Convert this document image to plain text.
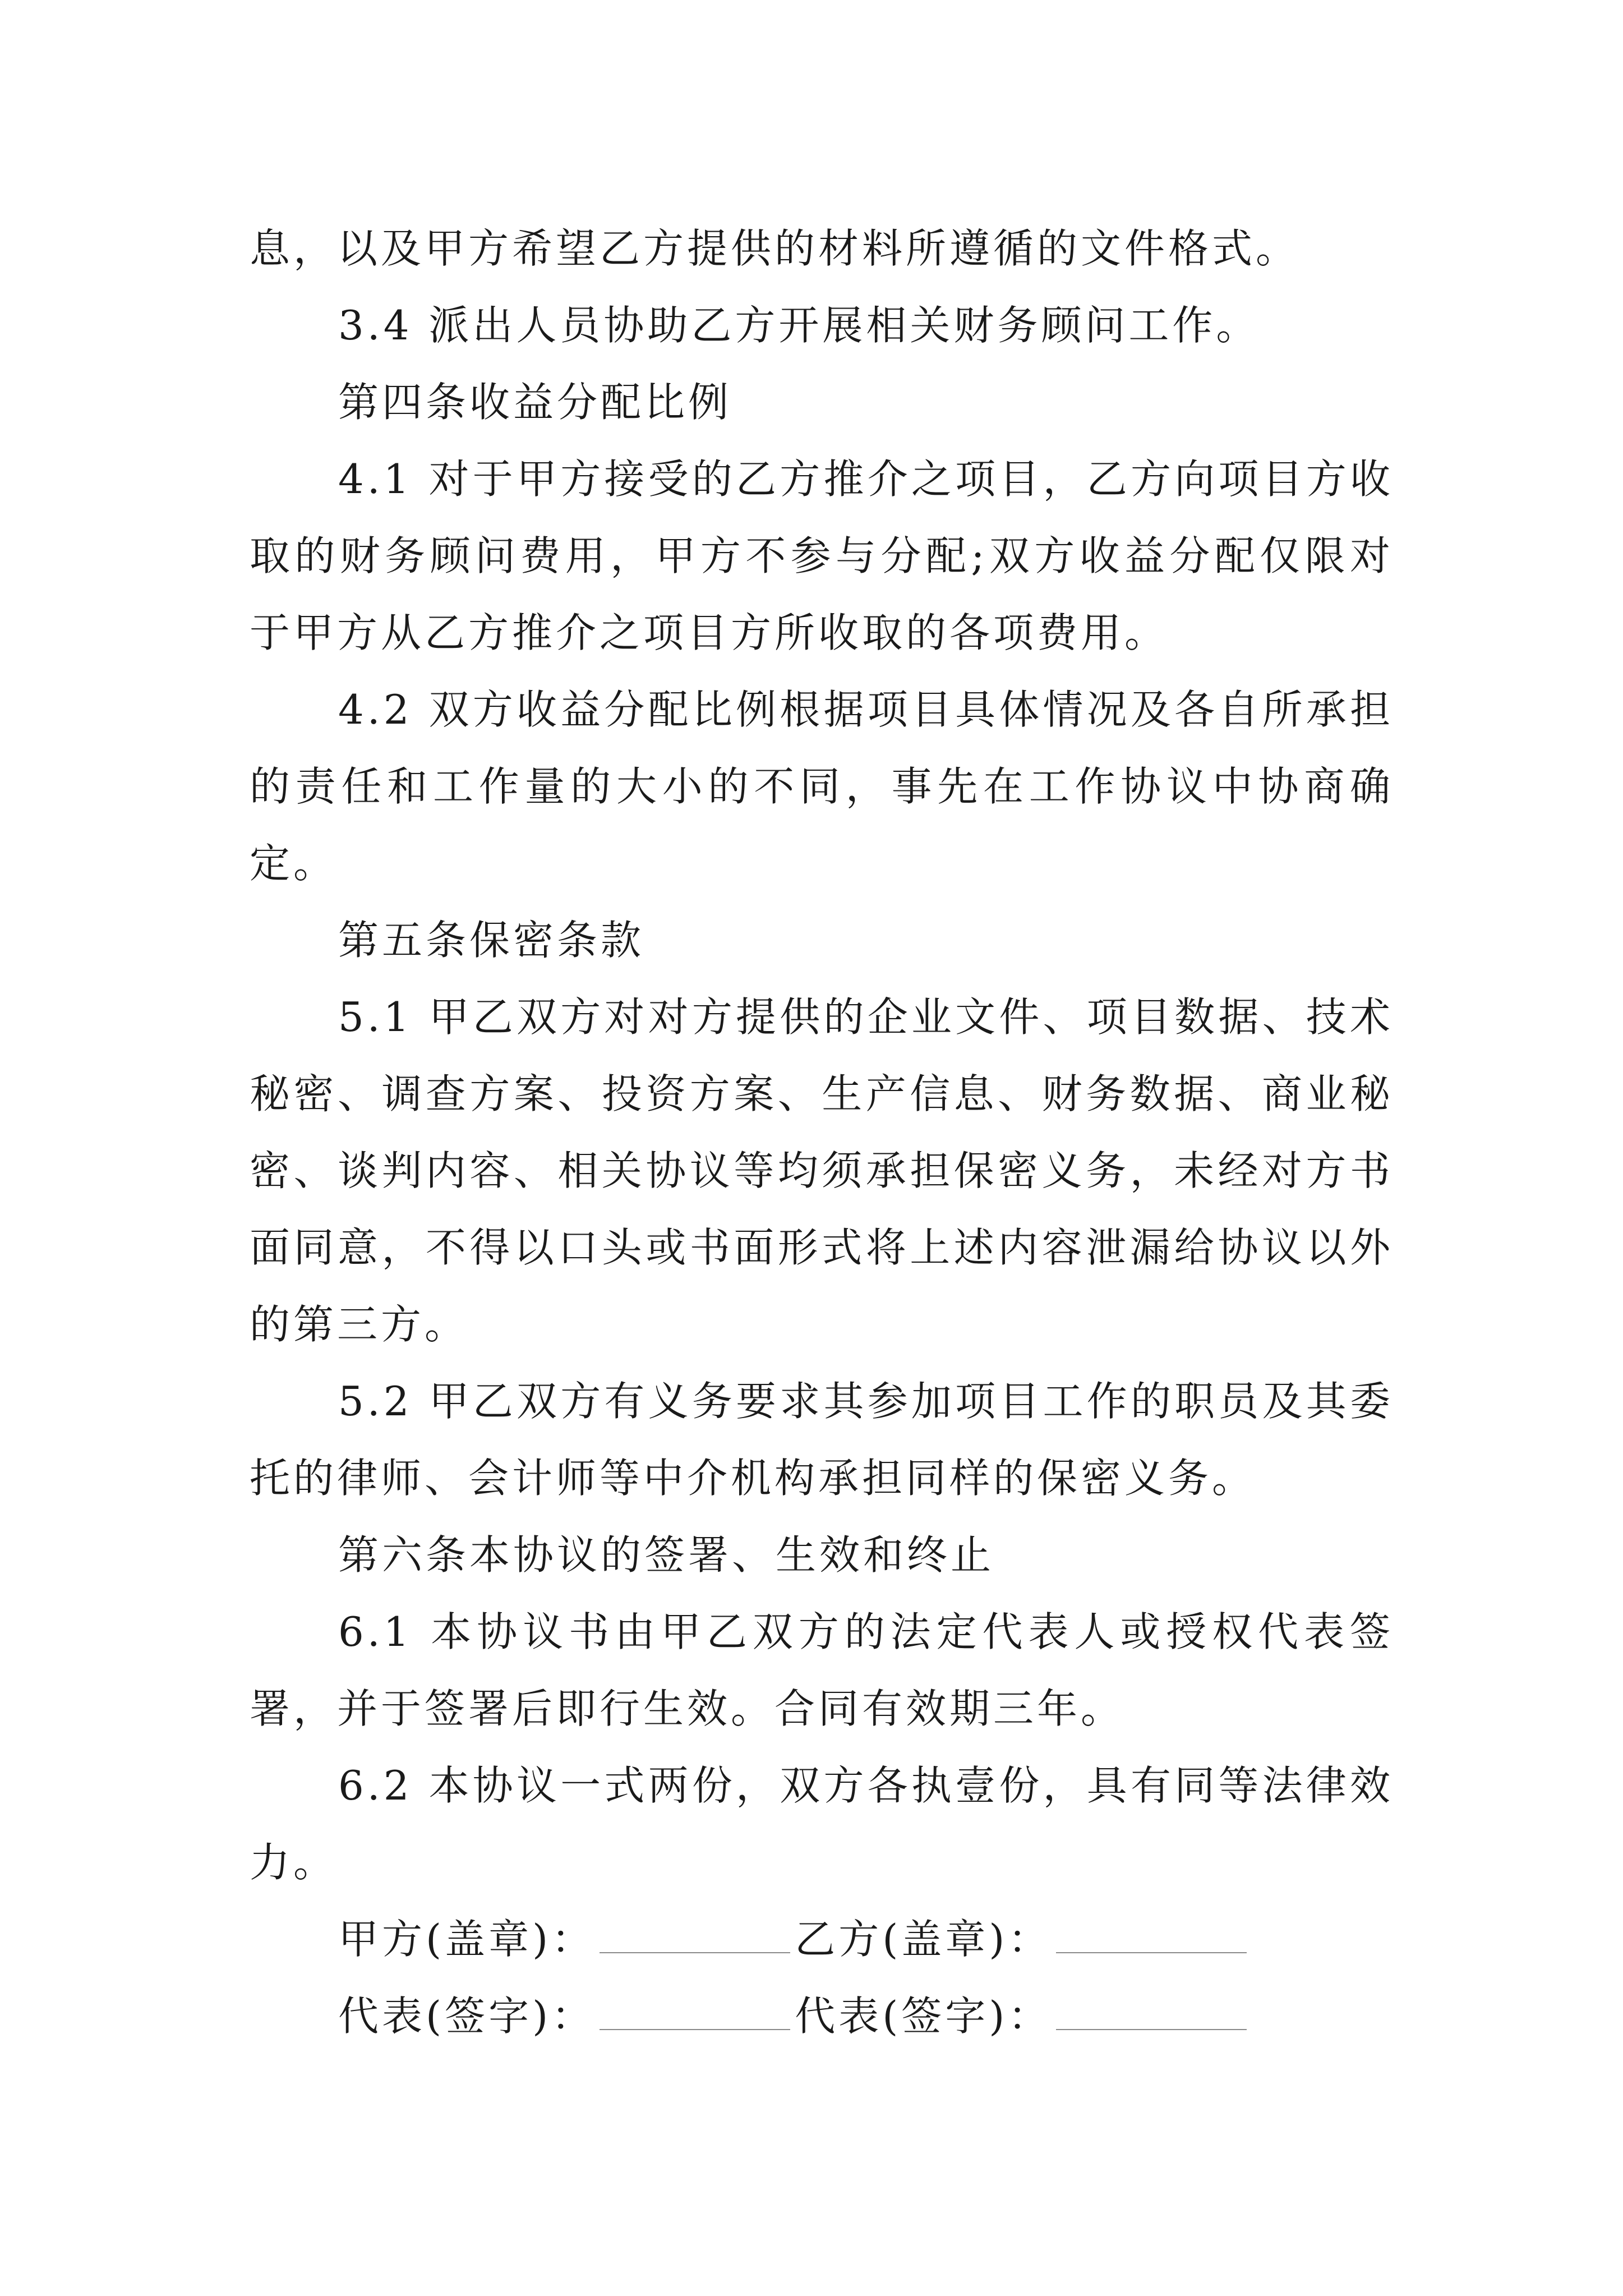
息，以及甲方希望乙方提供的材料所遵循的文件格式。

3.4 派出人员协助乙方开展相关财务顾问工作。

第四条收益分配比例

4.1 对于甲方接受的乙方推介之项目，乙方向项目方收取的财务顾问费用，甲方不参与分配;双方收益分配仅限对于甲方从乙方推介之项目方所收取的各项费用。

4.2 双方收益分配比例根据项目具体情况及各自所承担的责任和工作量的大小的不同，事先在工作协议中协商确定。

第五条保密条款

5.1 甲乙双方对对方提供的企业文件、项目数据、技术秘密、调查方案、投资方案、生产信息、财务数据、商业秘密、谈判内容、相关协议等均须承担保密义务，未经对方书面同意，不得以口头或书面形式将上述内容泄漏给协议以外的第三方。

5.2 甲乙双方有义务要求其参加项目工作的职员及其委托的律师、会计师等中介机构承担同样的保密义务。

第六条本协议的签署、生效和终止

6.1 本协议书由甲乙双方的法定代表人或授权代表签署，并于签署后即行生效。合同有效期三年。

6.2 本协议一式两份，双方各执壹份，具有同等法律效力。

甲方(盖章)：	乙方(盖章)：
代表(签字)：	代表(签字)：
